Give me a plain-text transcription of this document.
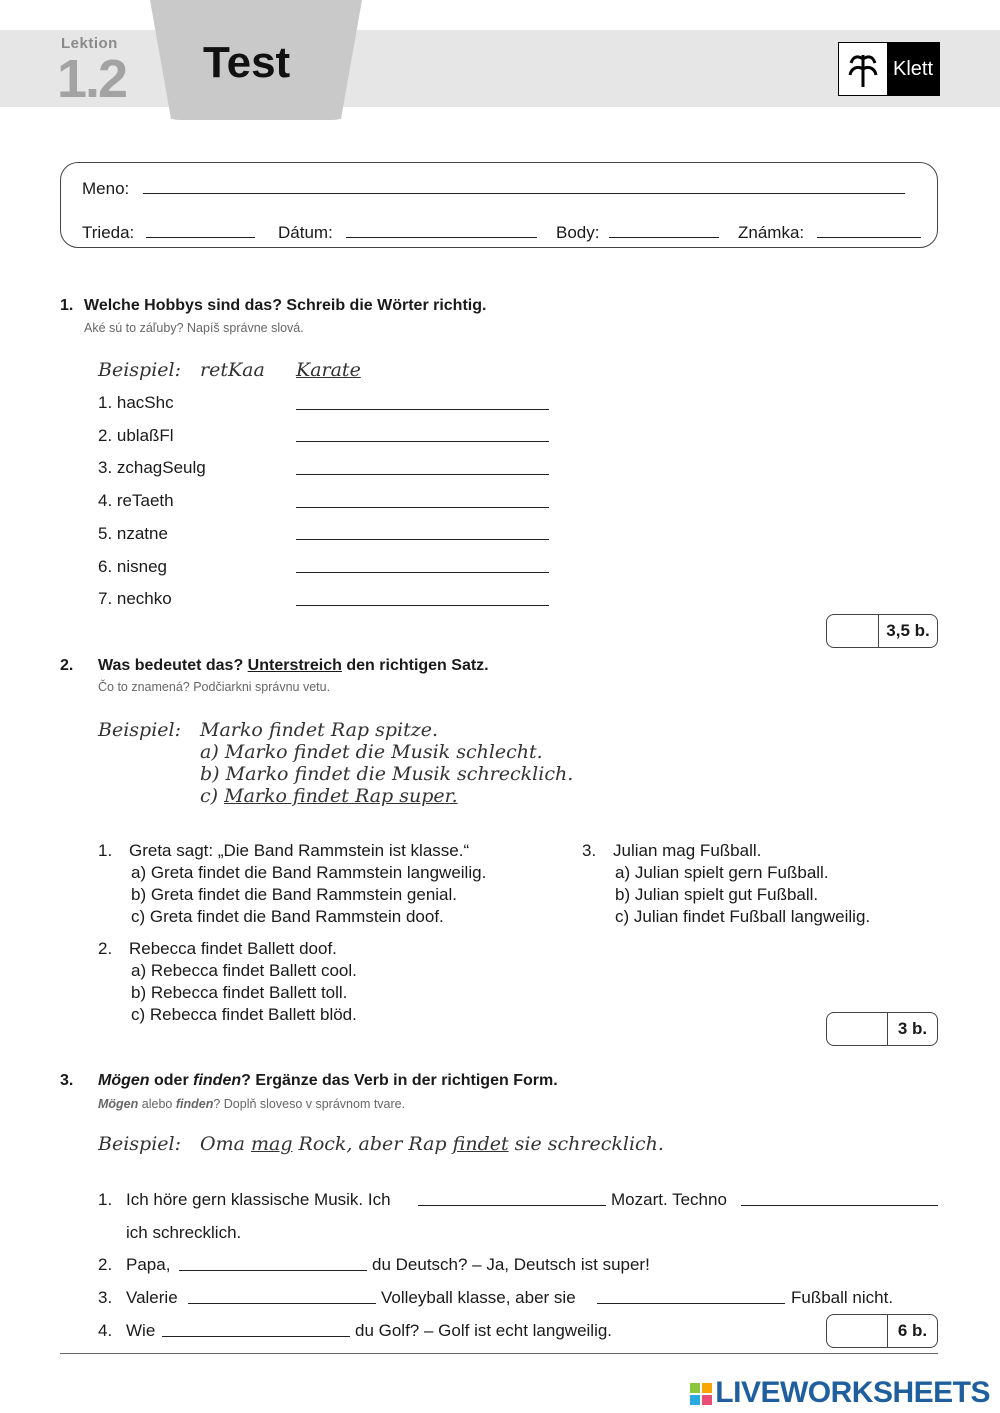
Lektion
1.2 Test	Klett
Meno:
Trieda:	Dátum:	Body:	Známka:
1. Welche Hobbys sind das? Schreib die Wörter richtig.
Aké sú to záľuby? Napíš správne slová.
Beispiel: retKaa Karate
1. hacShc
2. ublaßFl
3. zchagSeulg
4. reTaeth
5. nzatne
6. nisneg
7. nechko
3,5 b.
2. Was bedeutet das? Unterstreich den richtigen Satz.
Čo to znamená? Podčiarkni správnu vetu.
Beispiel: Marko findet Rap spitze.
a) Marko findet die Musik schlecht.
b) Marko findet die Musik schrecklich.
c) Marko findet Rap super.
1. Greta sagt: „Die Band Rammstein ist klasse.“
a) Greta findet die Band Rammstein langweilig.
b) Greta findet die Band Rammstein genial.
c) Greta findet die Band Rammstein doof.
2. Rebecca findet Ballett doof.
a) Rebecca findet Ballett cool.
b) Rebecca findet Ballett toll.
c) Rebecca findet Ballett blöd.
3. Julian mag Fußball.
a) Julian spielt gern Fußball.
b) Julian spielt gut Fußball.
c) Julian findet Fußball langweilig.
3 b.
3. Mögen oder finden? Ergänze das Verb in der richtigen Form.
Mögen alebo finden? Doplň sloveso v správnom tvare.
Beispiel: Oma mag Rock, aber Rap findet sie schrecklich.
1. Ich höre gern klassische Musik. Ich	Mozart. Techno
ich schrecklich.
2. Papa,	du Deutsch? – Ja, Deutsch ist super!
3. Valerie	Volleyball klasse, aber sie	Fußball nicht.
4. Wie	du Golf? – Golf ist echt langweilig.	6 b.
LIVEWORKSHEETS
